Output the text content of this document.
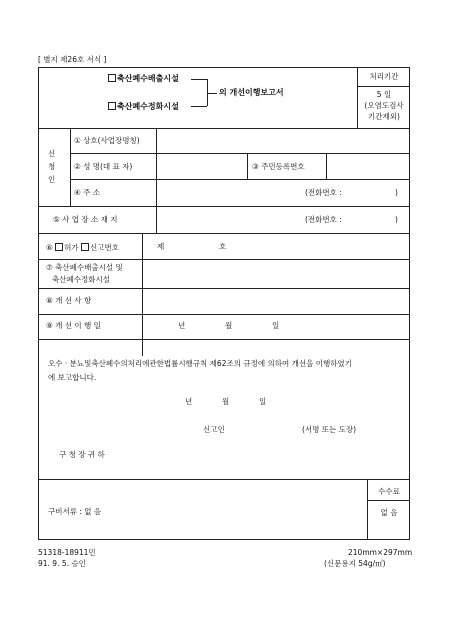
[ 별지 제26호 서식 ]
축산폐수배출시설
축산폐수정화시설
의 개선이행보고서
처리기간
5 일
(오염도검사
기간제외)
신
청
인
① 상호(사업장명칭)
② 성 명(대 표 자)	③ 주민등록번호
④ 주 소	(전화번호 :	)
⑤ 사 업 장 소 재 지	(전화번호 :	)
⑥ 허가 신고번호	제	호
⑦ 축산폐수배출시설 및
축산폐수정화시설
⑧ 개 선 사 항
⑨ 개 선 이 행 일	년	월	일
오수 · 분뇨및축산폐수의처리에관한법률시행규칙 제62조의 규정에 의하여 개선을 이행하였기
에 보고합니다.
년	월	일
신고인	(서명 또는 도장)
구 청 장 귀 하
구비서류 : 없 음
수수료
없 음
51318-18911민
91. 9. 5. 승인
210mm×297mm
(신문용지 54g/㎡)
